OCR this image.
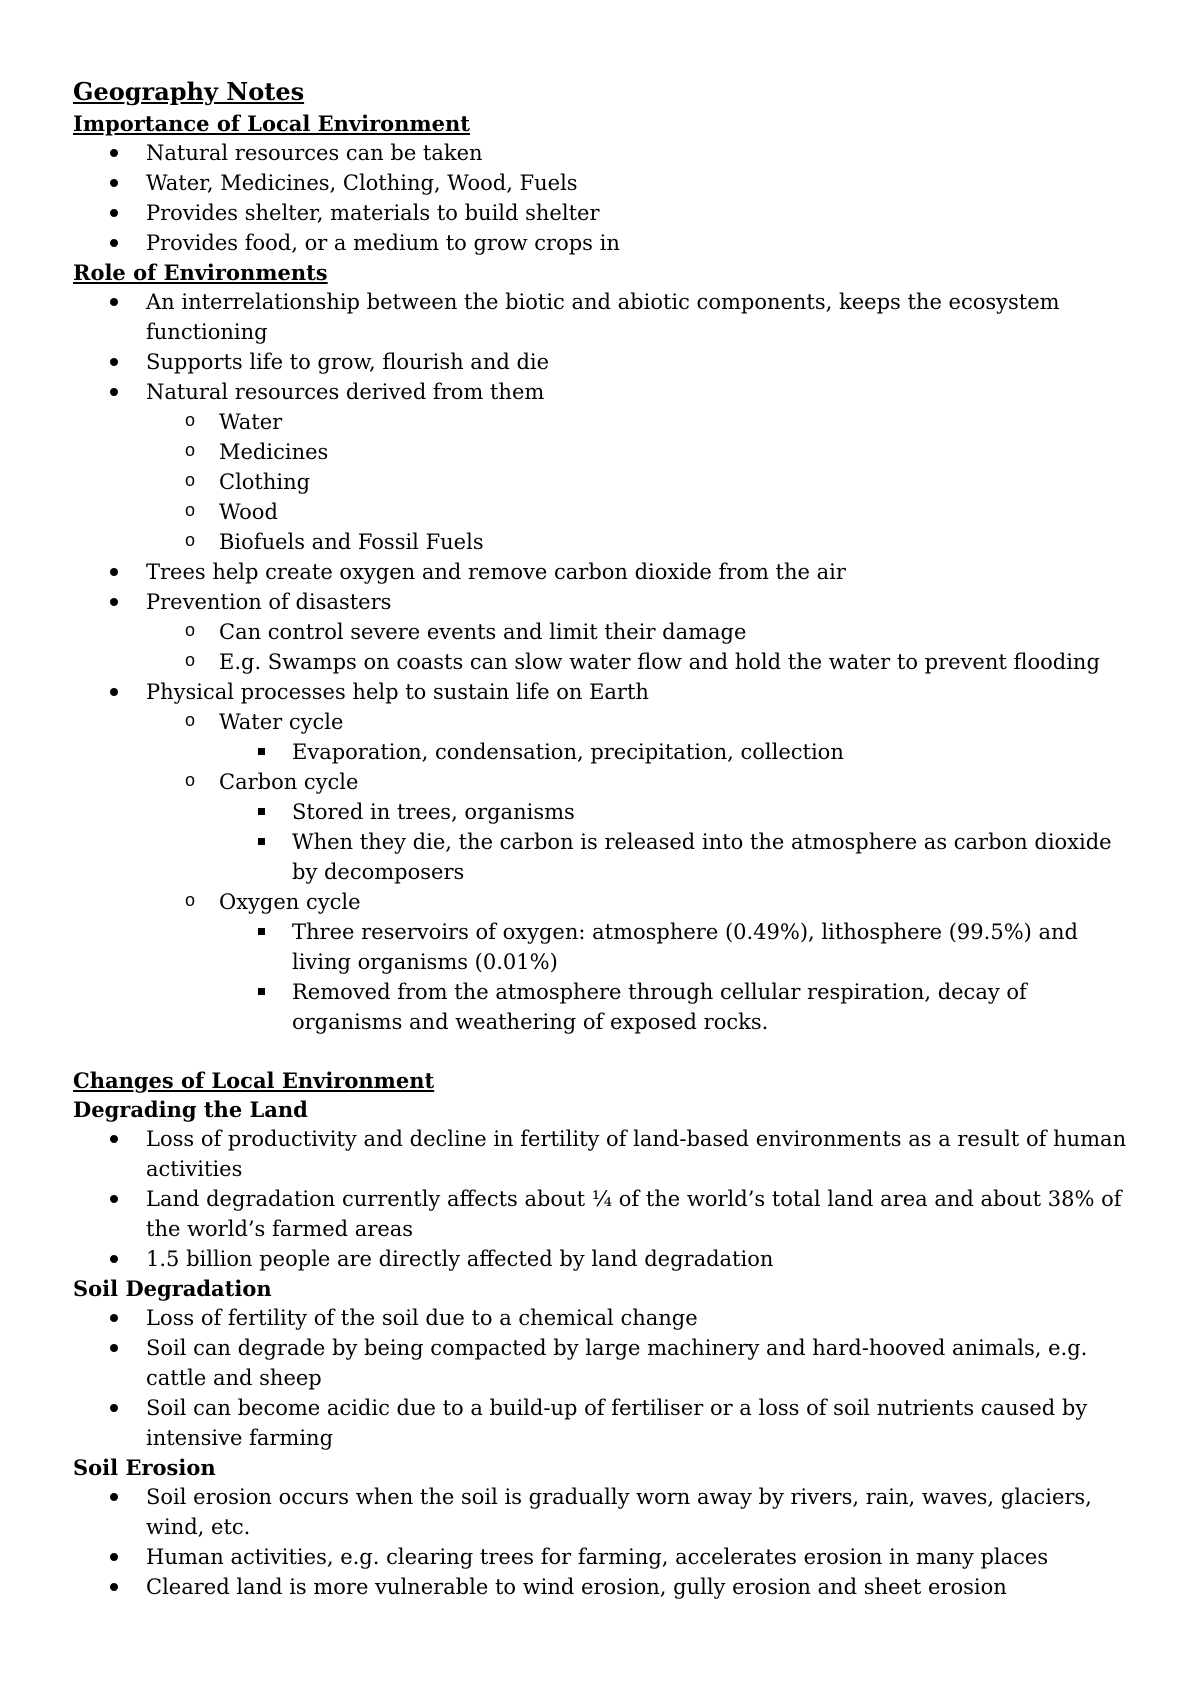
Geography Notes
Importance of Local Environment
Natural resources can be taken
Water, Medicines, Clothing, Wood, Fuels
Provides shelter, materials to build shelter
Provides food, or a medium to grow crops in
Role of Environments
An interrelationship between the biotic and abiotic components, keeps the ecosystem functioning
Supports life to grow, flourish and die
Natural resources derived from them
o Water
o Medicines
o Clothing
o Wood
o Biofuels and Fossil Fuels
Trees help create oxygen and remove carbon dioxide from the air
Prevention of disasters
o Can control severe events and limit their damage
o E.g. Swamps on coasts can slow water flow and hold the water to prevent flooding
Physical processes help to sustain life on Earth
o Water cycle
Evaporation, condensation, precipitation, collection
o Carbon cycle
Stored in trees, organisms
When they die, the carbon is released into the atmosphere as carbon dioxide by decomposers
o Oxygen cycle
Three reservoirs of oxygen: atmosphere (0.49%), lithosphere (99.5%) and living organisms (0.01%)
Removed from the atmosphere through cellular respiration, decay of organisms and weathering of exposed rocks.
Changes of Local Environment
Degrading the Land
Loss of productivity and decline in fertility of land-based environments as a result of human activities
Land degradation currently affects about ¼ of the world’s total land area and about 38% of the world’s farmed areas
1.5 billion people are directly affected by land degradation
Soil Degradation
Loss of fertility of the soil due to a chemical change
Soil can degrade by being compacted by large machinery and hard-hooved animals, e.g. cattle and sheep
Soil can become acidic due to a build-up of fertiliser or a loss of soil nutrients caused by intensive farming
Soil Erosion
Soil erosion occurs when the soil is gradually worn away by rivers, rain, waves, glaciers, wind, etc.
Human activities, e.g. clearing trees for farming, accelerates erosion in many places
Cleared land is more vulnerable to wind erosion, gully erosion and sheet erosion
